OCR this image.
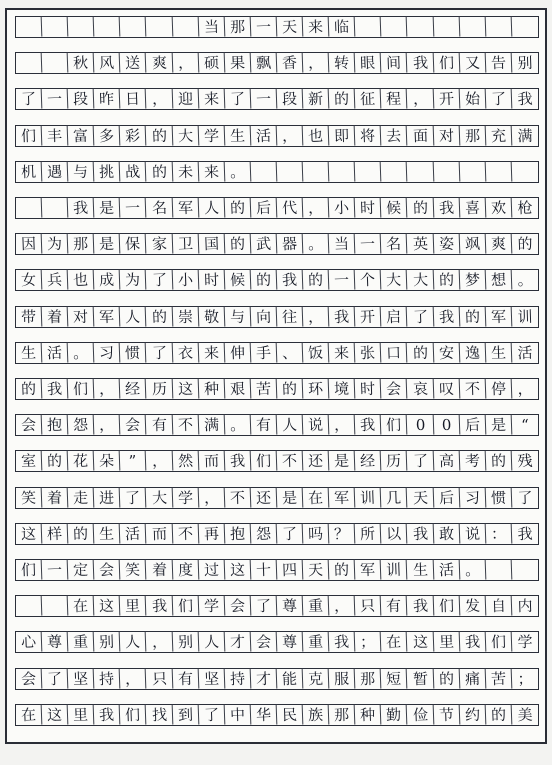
当 那 一 天 来 临
秋 风 送 爽 ， 硕 果 飘 香 ， 转 眼 间 我 们 又 告 别
了 一 段 昨 日 ， 迎 来 了 一 段 新 的 征 程 ， 开 始 了 我
们 丰 富 多 彩 的 大 学 生 活 ， 也 即 将 去 面 对 那 充 满
机 遇 与 挑 战 的 未 来 。
我 是 一 名 军 人 的 后 代 ， 小 时 候 的 我 喜 欢 枪
因 为 那 是 保 家 卫 国 的 武 器 。 当 一 名 英 姿 飒 爽 的
女 兵 也 成 为 了 小 时 候 的 我 的 一 个 大 大 的 梦 想 。
带 着 对 军 人 的 崇 敬 与 向 往 ， 我 开 启 了 我 的 军 训
生 活 。 习 惯 了 衣 来 伸 手 、 饭 来 张 口 的 安 逸 生 活
的 我 们 ， 经 历 这 种 艰 苦 的 环 境 时 会 哀 叹 不 停 ，
会 抱 怨 ， 会 有 不 满 。 有 人 说 ， 我 们 0	0 后 是 “
室 的 花 朵 ” ， 然 而 我 们 不 还 是 经 历 了 高 考 的 残
笑 着 走 进 了 大 学 ， 不 还 是 在 军 训 几 天 后 习 惯 了
这 样 的 生 活 而 不 再 抱 怨 了 吗 ？ 所 以 我 敢 说 ： 我
们 一 定 会 笑 着 度 过 这 十 四 天 的 军 训 生 活 。
在 这 里 我 们 学 会 了 尊 重 ， 只 有 我 们 发 自 内
心 尊 重 别 人 ， 别 人 才 会 尊 重 我 ； 在 这 里 我 们 学
会 了 坚 持 ， 只 有 坚 持 才 能 克 服 那 短 暂 的 痛 苦 ；
在 这 里 我 们 找 到 了 中 华 民 族 那 种 勤 俭 节 约 的 美
